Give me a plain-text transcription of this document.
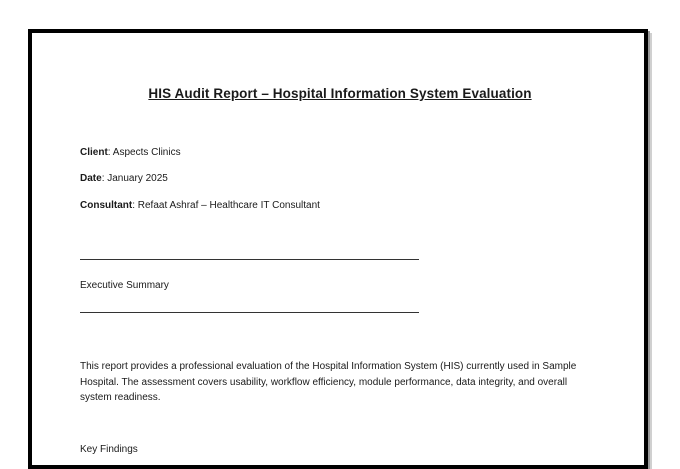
HIS Audit Report – Hospital Information System Evaluation
Client: Aspects Clinics
Date: January 2025
Consultant: Refaat Ashraf – Healthcare IT Consultant
Executive Summary
This report provides a professional evaluation of the Hospital Information System (HIS) currently used in Sample
Hospital. The assessment covers usability, workflow efficiency, module performance, data integrity, and overall
system readiness.
Key Findings
